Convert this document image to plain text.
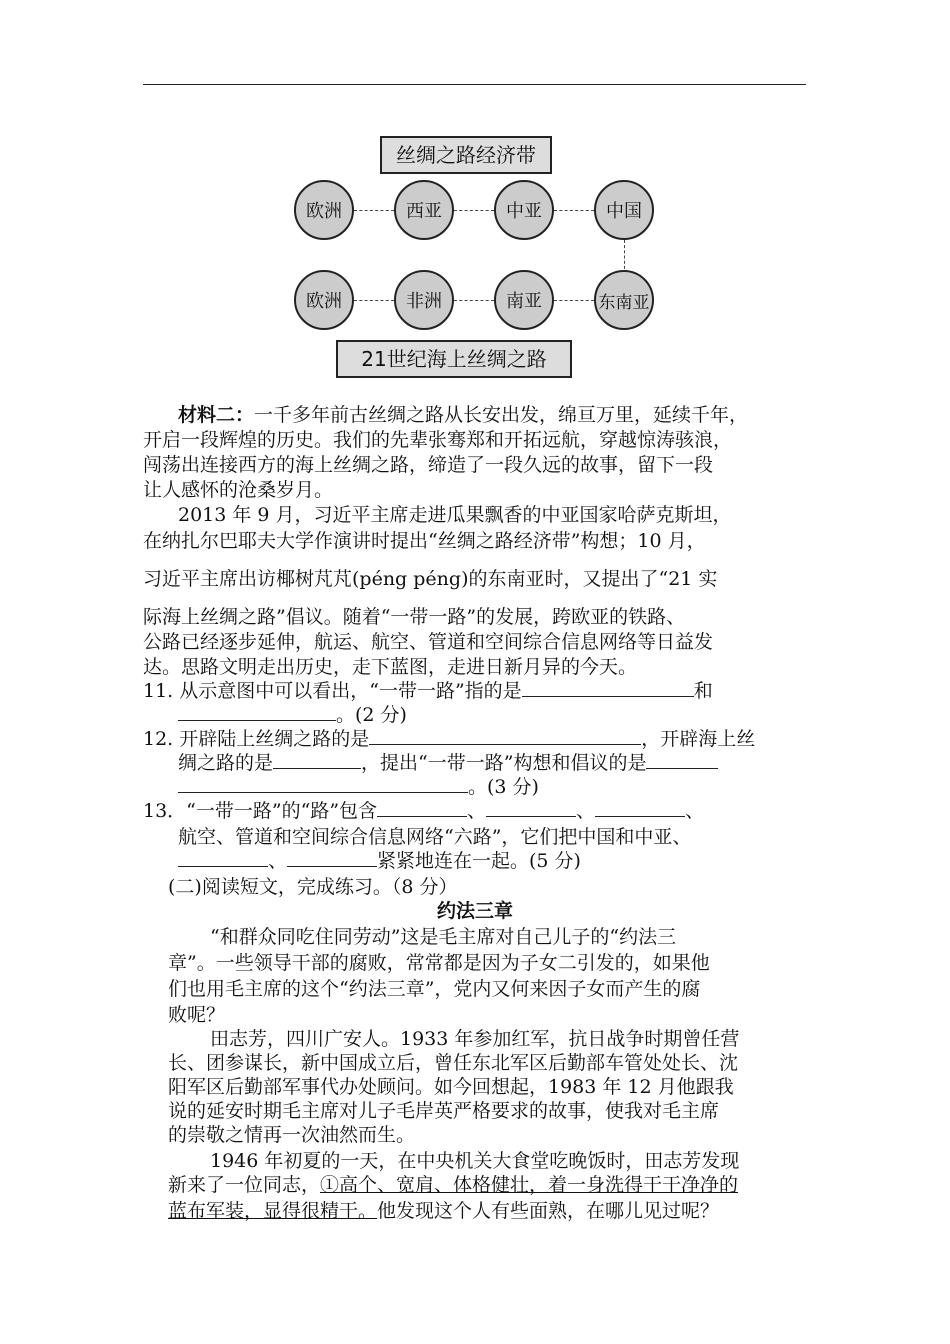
丝绸之路经济带
欧洲	西亚	中亚	中国
欧洲	非洲	南亚	东南亚
21世纪海上丝绸之路
材料二：一千多年前古丝绸之路从长安出发，绵亘万里，延续千年，
开启一段辉煌的历史。我们的先辈张骞郑和开拓远航，穿越惊涛骇浪，
闯荡出连接西方的海上丝绸之路，缔造了一段久远的故事，留下一段
让人感怀的沧桑岁月。
2013 年 9 月，习近平主席走进瓜果飘香的中亚国家哈萨克斯坦，
在纳扎尔巴耶夫大学作演讲时提出“丝绸之路经济带”构想；10 月，
习近平主席出访椰树芃芃(péng péng)的东南亚时，又提出了“21 实
际海上丝绸之路”倡议。随着“一带一路”的发展，跨欧亚的铁路、
公路已经逐步延伸，航运、航空、管道和空间综合信息网络等日益发
达。思路文明走出历史，走下蓝图，走进日新月异的今天。
11. 从示意图中可以看出，“一带一路”指的是	和
。(2 分)
12. 开辟陆上丝绸之路的是	，开辟海上丝
绸之路的是	，提出“一带一路”构想和倡议的是
。(3 分)
13．“一带一路”的“路”包含	、	、	、
航空、管道和空间综合信息网络“六路”，它们把中国和中亚、
、	紧紧地连在一起。(5 分)
(二)阅读短文，完成练习。（8 分）
约法三章
“和群众同吃住同劳动”这是毛主席对自己儿子的“约法三
章”。一些领导干部的腐败，常常都是因为子女二引发的，如果他
们也用毛主席的这个“约法三章”，党内又何来因子女而产生的腐
败呢？
田志芳，四川广安人。1933 年参加红军，抗日战争时期曾任营
长、团参谋长，新中国成立后，曾任东北军区后勤部车管处处长、沈
阳军区后勤部军事代办处顾问。如今回想起，1983 年 12 月他跟我
说的延安时期毛主席对儿子毛岸英严格要求的故事，使我对毛主席
的崇敬之情再一次油然而生。
1946 年初夏的一天，在中央机关大食堂吃晚饭时，田志芳发现
新来了一位同志，①高个、宽肩、体格健壮，着一身洗得干干净净的
蓝布军装，显得很精干。他发现这个人有些面熟，在哪儿见过呢？
